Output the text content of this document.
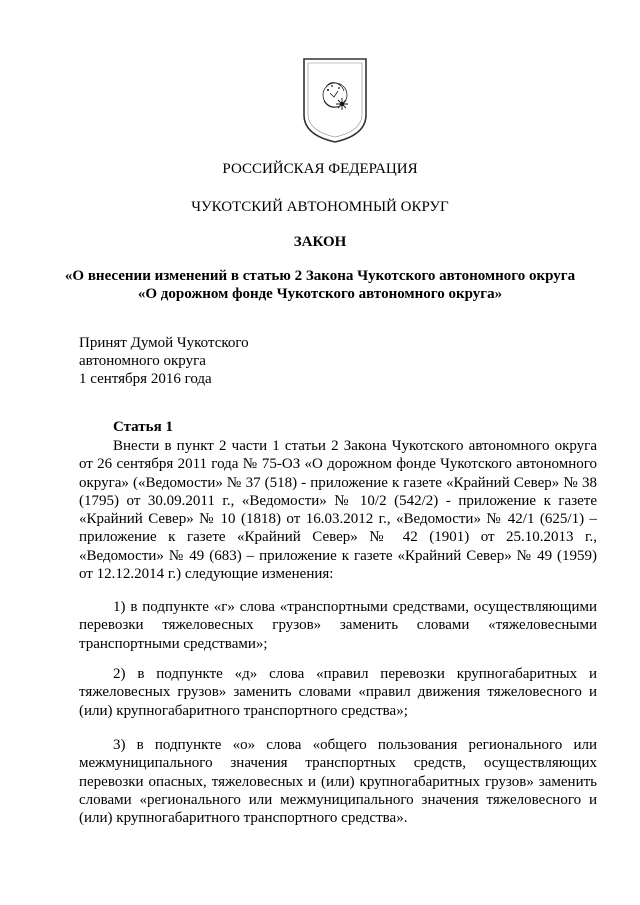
РОССИЙСКАЯ ФЕДЕРАЦИЯ
ЧУКОТСКИЙ АВТОНОМНЫЙ ОКРУГ
ЗАКОН
«О внесении изменений в статью 2 Закона Чукотского автономного округа
«О дорожном фонде Чукотского автономного округа»
Принят Думой Чукотского
автономного округа
1 сентября 2016 года
Статья 1

Внести в пункт 2 части 1 статьи 2 Закона Чукотского автономного округа от 26 сентября 2011 года № 75-ОЗ «О дорожном фонде Чукотского автономного округа» («Ведомости» № 37 (518) - приложение к газете «Крайний Север» № 38 (1795) от 30.09.2011 г., «Ведомости» № 10/2 (542/2) - приложение к газете «Крайний Север» № 10 (1818) от 16.03.2012 г., «Ведомости» № 42/1 (625/1) – приложение к газете «Крайний Север» № 42 (1901) от 25.10.2013 г., «Ведомости» № 49 (683) – приложение к газете «Крайний Север» № 49 (1959) от 12.12.2014 г.) следующие изменения:

1) в подпункте «г» слова «транспортными средствами, осуществляющими перевозки тяжеловесных грузов» заменить словами «тяжеловесными транспортными средствами»;

2) в подпункте «д» слова «правил перевозки крупногабаритных и тяжеловесных грузов» заменить словами «правил движения тяжеловесного и (или) крупногабаритного транспортного средства»;

3) в подпункте «о» слова «общего пользования регионального или межмуниципального значения транспортных средств, осуществляющих перевозки опасных, тяжеловесных и (или) крупногабаритных грузов» заменить словами «регионального или межмуниципального значения тяжеловесного и (или) крупногабаритного транспортного средства».
